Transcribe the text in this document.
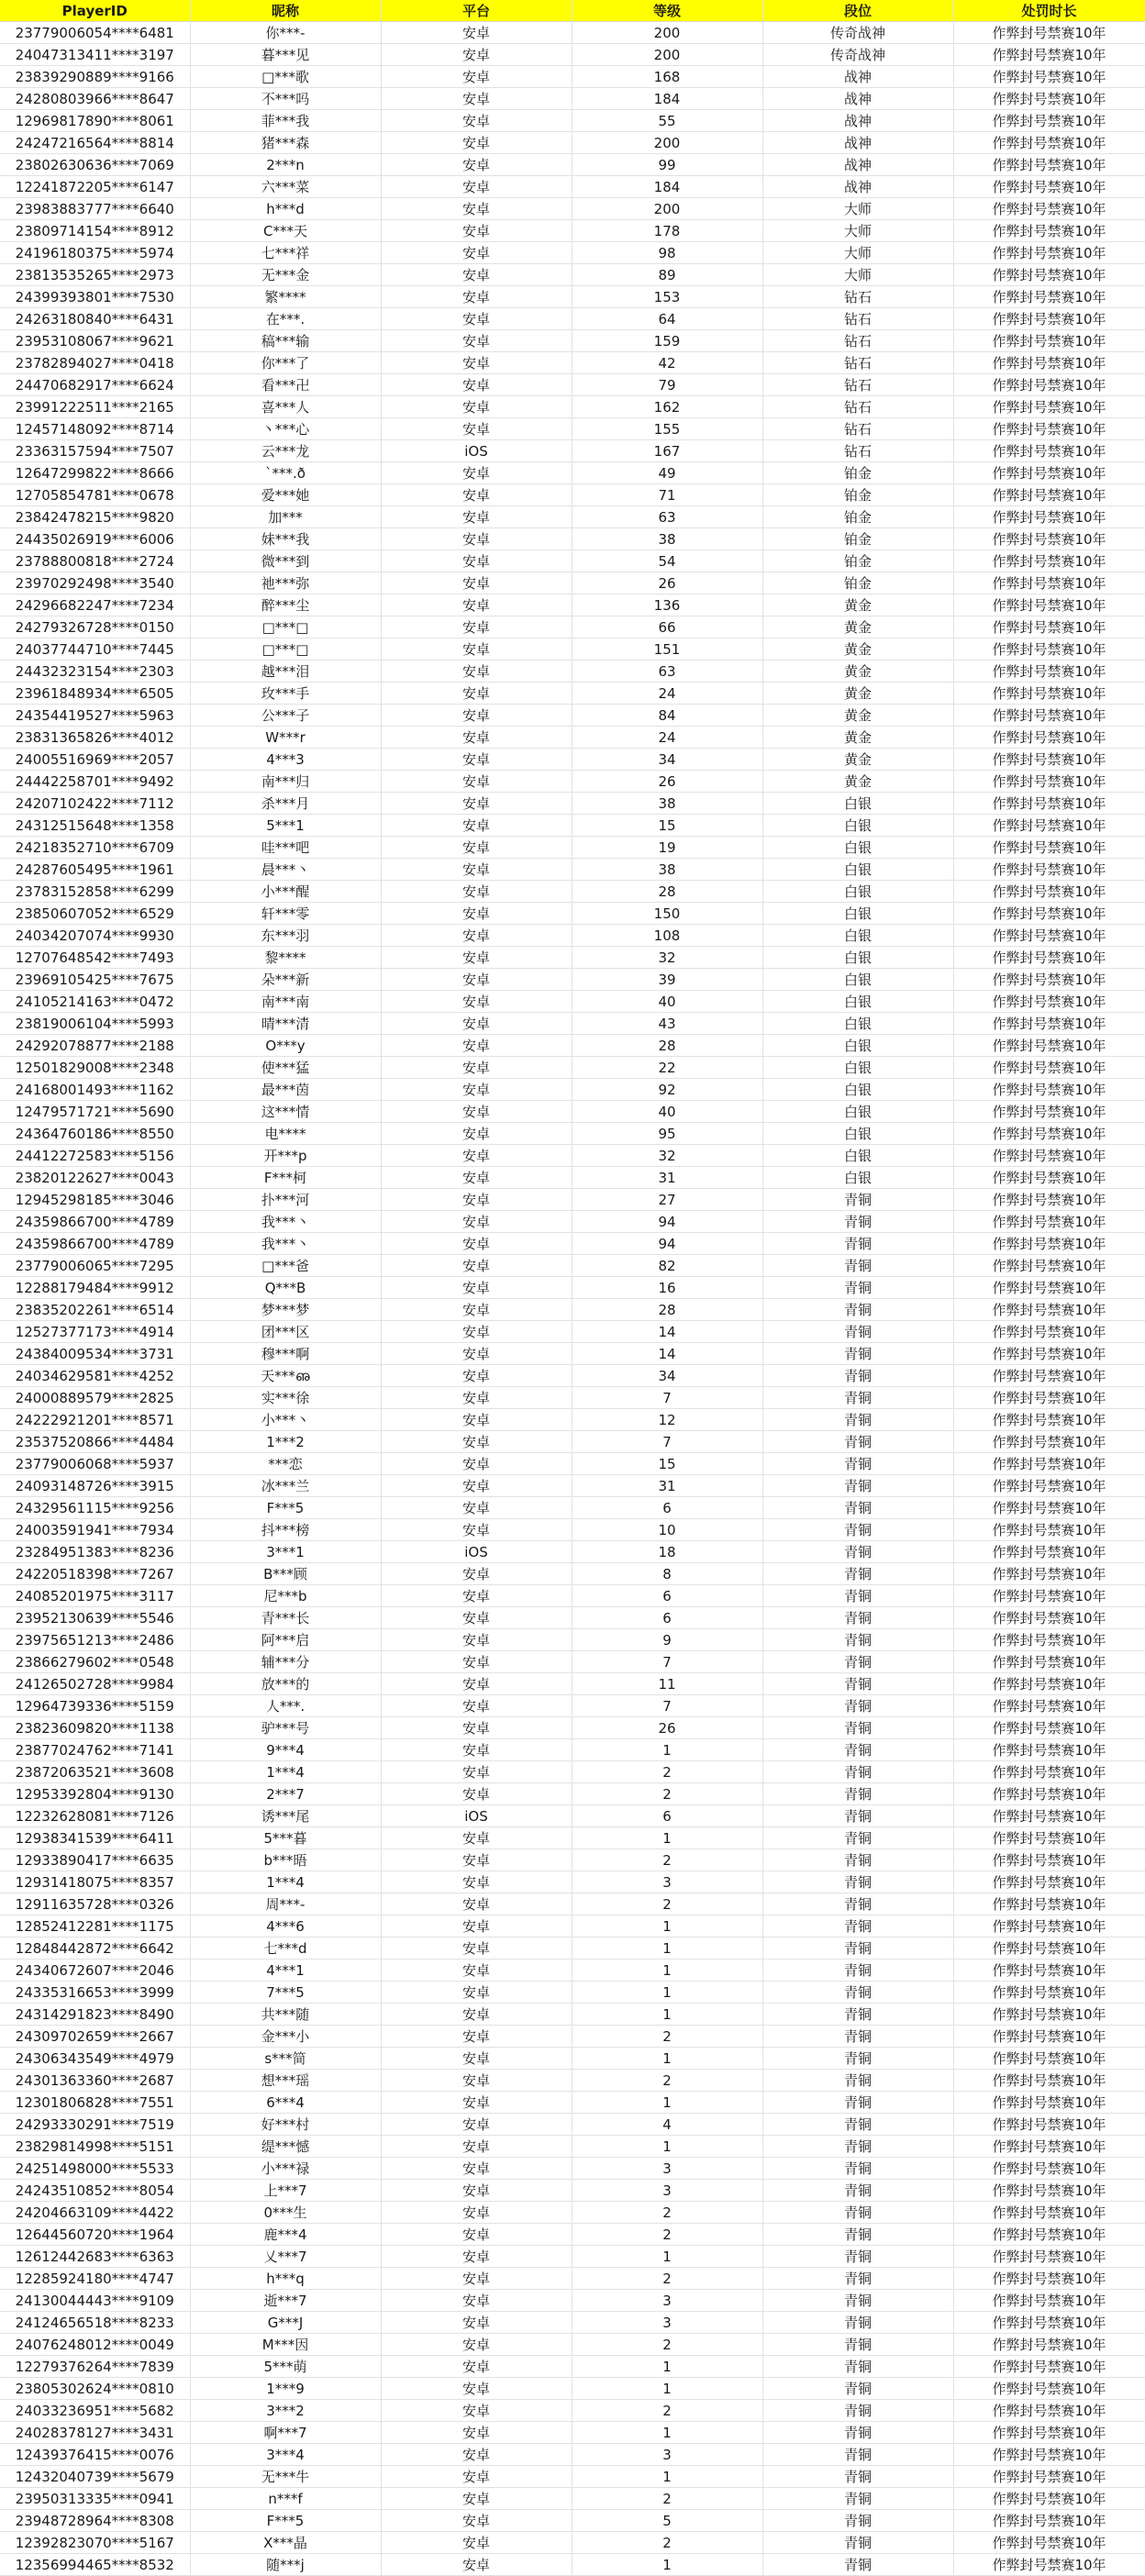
PlayerID	昵称	平台	等级	段位	处罚时长
23779006054****6481	你***-	安卓	200	传奇战神	作弊封号禁赛10年
24047313411****3197	暮***见	安卓	200	传奇战神	作弊封号禁赛10年
23839290889****9166	□***歌	安卓	168	战神	作弊封号禁赛10年
24280803966****8647	不***吗	安卓	184	战神	作弊封号禁赛10年
12969817890****8061	菲***我	安卓	55	战神	作弊封号禁赛10年
24247216564****8814	猪***森	安卓	200	战神	作弊封号禁赛10年
23802630636****7069	2***n	安卓	99	战神	作弊封号禁赛10年
12241872205****6147	六***菜	安卓	184	战神	作弊封号禁赛10年
23983883777****6640	h***d	安卓	200	大师	作弊封号禁赛10年
23809714154****8912	C***天	安卓	178	大师	作弊封号禁赛10年
24196180375****5974	七***祥	安卓	98	大师	作弊封号禁赛10年
23813535265****2973	无***金	安卓	89	大师	作弊封号禁赛10年
24399393801****7530	繁****	安卓	153	钻石	作弊封号禁赛10年
24263180840****6431	在***.	安卓	64	钻石	作弊封号禁赛10年
23953108067****9621	稿***输	安卓	159	钻石	作弊封号禁赛10年
23782894027****0418	你***了	安卓	42	钻石	作弊封号禁赛10年
24470682917****6624	看***卍	安卓	79	钻石	作弊封号禁赛10年
23991222511****2165	喜***人	安卓	162	钻石	作弊封号禁赛10年
12457148092****8714	丶***心	安卓	155	钻石	作弊封号禁赛10年
23363157594****7507	云***龙	iOS	167	钻石	作弊封号禁赛10年
12647299822****8666	`***.ð	安卓	49	铂金	作弊封号禁赛10年
12705854781****0678	爱***她	安卓	71	铂金	作弊封号禁赛10年
23842478215****9820	加***	安卓	63	铂金	作弊封号禁赛10年
24435026919****6006	妹***我	安卓	38	铂金	作弊封号禁赛10年
23788800818****2724	微***到	安卓	54	铂金	作弊封号禁赛10年
23970292498****3540	祂***弥	安卓	26	铂金	作弊封号禁赛10年
24296682247****7234	醉***尘	安卓	136	黄金	作弊封号禁赛10年
24279326728****0150	□***□	安卓	66	黄金	作弊封号禁赛10年
24037744710****7445	□***□	安卓	151	黄金	作弊封号禁赛10年
24432323154****2303	越***泪	安卓	63	黄金	作弊封号禁赛10年
23961848934****6505	玫***手	安卓	24	黄金	作弊封号禁赛10年
24354419527****5963	公***子	安卓	84	黄金	作弊封号禁赛10年
23831365826****4012	W***r	安卓	24	黄金	作弊封号禁赛10年
24005516969****2057	4***3	安卓	34	黄金	作弊封号禁赛10年
24442258701****9492	南***归	安卓	26	黄金	作弊封号禁赛10年
24207102422****7112	杀***月	安卓	38	白银	作弊封号禁赛10年
24312515648****1358	5***1	安卓	15	白银	作弊封号禁赛10年
24218352710****6709	哇***吧	安卓	19	白银	作弊封号禁赛10年
24287605495****1961	晨***丶	安卓	38	白银	作弊封号禁赛10年
23783152858****6299	小***醒	安卓	28	白银	作弊封号禁赛10年
23850607052****6529	轩***零	安卓	150	白银	作弊封号禁赛10年
24034207074****9930	东***羽	安卓	108	白银	作弊封号禁赛10年
12707648542****7493	黎****	安卓	32	白银	作弊封号禁赛10年
23969105425****7675	朵***新	安卓	39	白银	作弊封号禁赛10年
24105214163****0472	南***南	安卓	40	白银	作弊封号禁赛10年
23819006104****5993	晴***清	安卓	43	白银	作弊封号禁赛10年
24292078877****2188	O***y	安卓	28	白银	作弊封号禁赛10年
12501829008****2348	使***猛	安卓	22	白银	作弊封号禁赛10年
24168001493****1162	最***茵	安卓	92	白银	作弊封号禁赛10年
12479571721****5690	这***情	安卓	40	白银	作弊封号禁赛10年
24364760186****8550	电****	安卓	95	白银	作弊封号禁赛10年
24412272583****5156	开***p	安卓	32	白银	作弊封号禁赛10年
23820122627****0043	F***柯	安卓	31	白银	作弊封号禁赛10年
12945298185****3046	扑***河	安卓	27	青铜	作弊封号禁赛10年
24359866700****4789	我***丶	安卓	94	青铜	作弊封号禁赛10年
24359866700****4789	我***丶	安卓	94	青铜	作弊封号禁赛10年
23779006065****7295	□***爸	安卓	82	青铜	作弊封号禁赛10年
12288179484****9912	Q***B	安卓	16	青铜	作弊封号禁赛10年
23835202261****6514	梦***梦	安卓	28	青铜	作弊封号禁赛10年
12527377173****4914	团***区	安卓	14	青铜	作弊封号禁赛10年
24384009534****3731	穆***啊	安卓	14	青铜	作弊封号禁赛10年
24034629581****4252	天***ഌ	安卓	34	青铜	作弊封号禁赛10年
24000889579****2825	实***徐	安卓	7	青铜	作弊封号禁赛10年
24222921201****8571	小***丶	安卓	12	青铜	作弊封号禁赛10年
23537520866****4484	1***2	安卓	7	青铜	作弊封号禁赛10年
23779006068****5937	***恋	安卓	15	青铜	作弊封号禁赛10年
24093148726****3915	冰***兰	安卓	31	青铜	作弊封号禁赛10年
24329561115****9256	F***5	安卓	6	青铜	作弊封号禁赛10年
24003591941****7934	抖***榜	安卓	10	青铜	作弊封号禁赛10年
23284951383****8236	3***1	iOS	18	青铜	作弊封号禁赛10年
24220518398****7267	B***顾	安卓	8	青铜	作弊封号禁赛10年
24085201975****3117	尼***b	安卓	6	青铜	作弊封号禁赛10年
23952130639****5546	青***长	安卓	6	青铜	作弊封号禁赛10年
23975651213****2486	阿***启	安卓	9	青铜	作弊封号禁赛10年
23866279602****0548	辅***分	安卓	7	青铜	作弊封号禁赛10年
24126502728****9984	放***的	安卓	11	青铜	作弊封号禁赛10年
12964739336****5159	人***.	安卓	7	青铜	作弊封号禁赛10年
23823609820****1138	驴***号	安卓	26	青铜	作弊封号禁赛10年
23877024762****7141	9***4	安卓	1	青铜	作弊封号禁赛10年
23872063521****3608	1***4	安卓	2	青铜	作弊封号禁赛10年
12953392804****9130	2***7	安卓	2	青铜	作弊封号禁赛10年
12232628081****7126	诱***尾	iOS	6	青铜	作弊封号禁赛10年
12938341539****6411	5***暮	安卓	1	青铜	作弊封号禁赛10年
12933890417****6635	b***晤	安卓	2	青铜	作弊封号禁赛10年
12931418075****8357	1***4	安卓	3	青铜	作弊封号禁赛10年
12911635728****0326	周***-	安卓	2	青铜	作弊封号禁赛10年
12852412281****1175	4***6	安卓	1	青铜	作弊封号禁赛10年
12848442872****6642	七***d	安卓	1	青铜	作弊封号禁赛10年
24340672607****2046	4***1	安卓	1	青铜	作弊封号禁赛10年
24335316653****3999	7***5	安卓	1	青铜	作弊封号禁赛10年
24314291823****8490	共***随	安卓	1	青铜	作弊封号禁赛10年
24309702659****2667	金***小	安卓	2	青铜	作弊封号禁赛10年
24306343549****4979	s***简	安卓	1	青铜	作弊封号禁赛10年
24301363360****2687	想***瑶	安卓	2	青铜	作弊封号禁赛10年
12301806828****7551	6***4	安卓	1	青铜	作弊封号禁赛10年
24293330291****7519	好***村	安卓	4	青铜	作弊封号禁赛10年
23829814998****5151	缇***憾	安卓	1	青铜	作弊封号禁赛10年
24251498000****5533	小***禄	安卓	3	青铜	作弊封号禁赛10年
24243510852****8054	上***7	安卓	3	青铜	作弊封号禁赛10年
24204663109****4422	0***生	安卓	2	青铜	作弊封号禁赛10年
12644560720****1964	鹿***4	安卓	2	青铜	作弊封号禁赛10年
12612442683****6363	乂***7	安卓	1	青铜	作弊封号禁赛10年
12285924180****4747	h***q	安卓	2	青铜	作弊封号禁赛10年
24130044443****9109	逝***7	安卓	3	青铜	作弊封号禁赛10年
24124656518****8233	G***J	安卓	3	青铜	作弊封号禁赛10年
24076248012****0049	M***因	安卓	2	青铜	作弊封号禁赛10年
12279376264****7839	5***萌	安卓	1	青铜	作弊封号禁赛10年
23805302624****0810	1***9	安卓	1	青铜	作弊封号禁赛10年
24033236951****5682	3***2	安卓	2	青铜	作弊封号禁赛10年
24028378127****3431	啊***7	安卓	1	青铜	作弊封号禁赛10年
12439376415****0076	3***4	安卓	3	青铜	作弊封号禁赛10年
12432040739****5679	无***牛	安卓	1	青铜	作弊封号禁赛10年
23950313335****0941	n***f	安卓	2	青铜	作弊封号禁赛10年
23948728964****8308	F***5	安卓	5	青铜	作弊封号禁赛10年
12392823070****5167	X***晶	安卓	2	青铜	作弊封号禁赛10年
12356994465****8532	随***j	安卓	1	青铜	作弊封号禁赛10年
